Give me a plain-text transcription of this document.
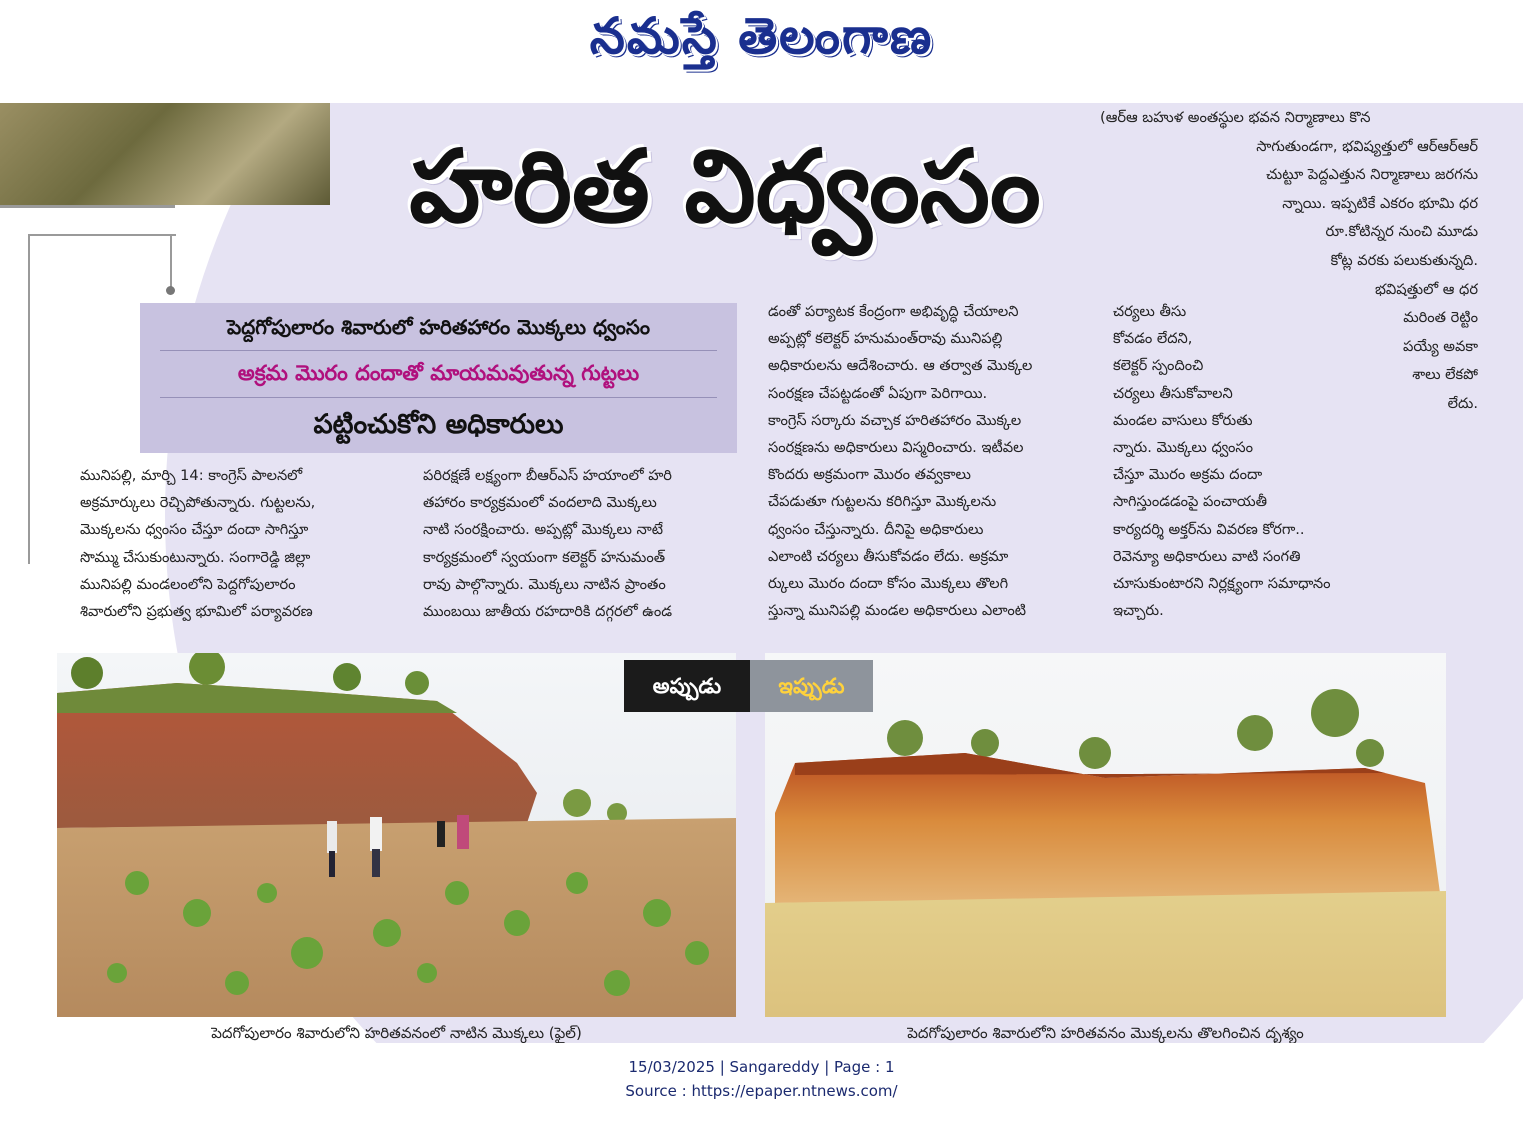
నమస్తే తెలంగాణ

(ఆర్‌ఆ బహుళ అంతస్థుల భవన నిర్మాణాలు కొన

సాగుతుండగా, భవిష్యత్తులో ఆర్‌ఆర్‌ఆర్

చుట్టూ పెద్దఎత్తున నిర్మాణాలు జరగను

న్నాయి. ఇప్పటికే ఎకరం భూమి ధర

రూ.కోటిన్నర నుంచి మూడు

కోట్ల వరకు పలుకుతున్నది.

భవిషత్తులో ఆ ధర

మరింత రెట్టిం

పయ్యే అవకా

శాలు లేకపో

లేదు.

హరిత విధ్వంసం
పెద్దగోపులారం శివారులో హరితహారం మొక్కలు ధ్వంసం
అక్రమ మొరం దందాతో మాయమవుతున్న గుట్టలు
పట్టించుకోని అధికారులు

మునిపల్లి, మార్చి 14: కాంగ్రెస్ పాలనలో

అక్రమార్కులు రెచ్చిపోతున్నారు. గుట్టలను,

మొక్కలను ధ్వంసం చేస్తూ దందా సాగిస్తూ

సొమ్ము చేసుకుంటున్నారు. సంగారెడ్డి జిల్లా

మునిపల్లి మండలంలోని పెద్దగోపులారం

శివారులోని ప్రభుత్వ భూమిలో పర్యావరణ

పరిరక్షణే లక్ష్యంగా బీఆర్‌ఎస్ హయాంలో హరి

తహారం కార్యక్రమంలో వందలాది మొక్కలు

నాటి సంరక్షించారు. అప్పట్లో మొక్కలు నాటే

కార్యక్రమంలో స్వయంగా కలెక్టర్ హనుమంత్

రావు పాల్గొన్నారు. మొక్కలు నాటిన ప్రాంతం

ముంబయి జాతీయ రహదారికి దగ్గరలో ఉండ

డంతో పర్యాటక కేంద్రంగా అభివృద్ధి చేయాలని

అప్పట్లో కలెక్టర్ హనుమంత్‌రావు మునిపల్లి

అధికారులను ఆదేశించారు. ఆ తర్వాత మొక్కల

సంరక్షణ చేపట్టడంతో ఏపుగా పెరిగాయి.

కాంగ్రెస్ సర్కారు వచ్చాక హరితహారం మొక్కల

సంరక్షణను అధికారులు విస్మరించారు. ఇటీవల

కొందరు అక్రమంగా మొరం తవ్వకాలు

చేపడుతూ గుట్టలను కరిగిస్తూ మొక్కలను

ధ్వంసం చేస్తున్నారు. దీనిపై అధికారులు

ఎలాంటి చర్యలు తీసుకోవడం లేదు. అక్రమా

ర్కులు మొరం దందా కోసం మొక్కలు తొలగి

స్తున్నా మునిపల్లి మండల అధికారులు ఎలాంటి

చర్యలు తీసు

కోవడం లేదని,

కలెక్టర్ స్పందించి

చర్యలు తీసుకోవాలని

మండల వాసులు కోరుతు

న్నారు. మొక్కలు ధ్వంసం

చేస్తూ మొరం అక్రమ దందా

సాగిస్తుండడంపై పంచాయతీ

కార్యదర్శి అక్తర్‌ను వివరణ కోరగా..

రెవెన్యూ అధికారులు వాటి సంగతి

చూసుకుంటారని నిర్లక్ష్యంగా సమాధానం

ఇచ్చారు.

అప్పుడు	ఇప్పుడు
పెదగోపులారం శివారులోని హరితవనంలో నాటిన మొక్కలు (ఫైల్)	పెదగోపులారం శివారులోని హరితవనం మొక్కలను తొలగించిన దృశ్యం
15/03/2025 | Sangareddy | Page : 1
Source : https://epaper.ntnews.com/
